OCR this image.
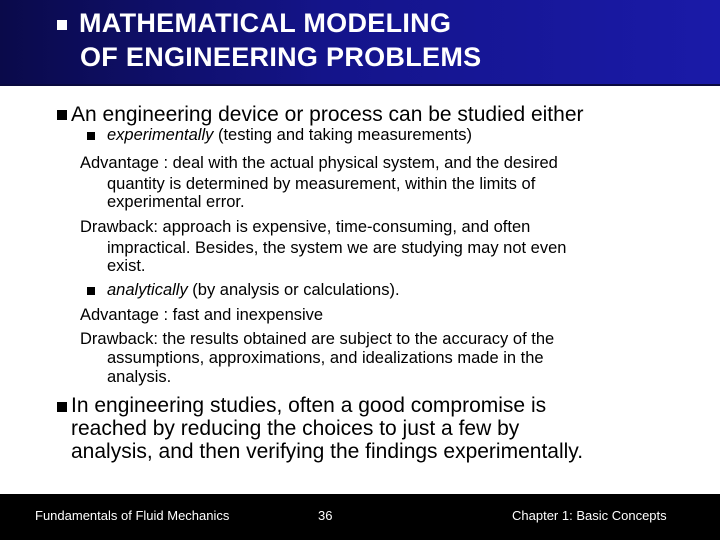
MATHEMATICAL MODELING
OF ENGINEERING PROBLEMS
An engineering device or process can be studied either
experimentally (testing and taking measurements)
Advantage : deal with the actual physical system, and the desired
quantity is determined by measurement, within the limits of
experimental error.
Drawback: approach is expensive, time-consuming, and often
impractical. Besides, the system we are studying may not even
exist.
analytically (by analysis or calculations).
Advantage : fast and inexpensive
Drawback: the results obtained are subject to the accuracy of the
assumptions, approximations, and idealizations made in the
analysis.
In engineering studies, often a good compromise is
reached by reducing the choices to just a few by
analysis, and then verifying the findings experimentally.
Fundamentals of Fluid Mechanics	36	Chapter 1: Basic Concepts
